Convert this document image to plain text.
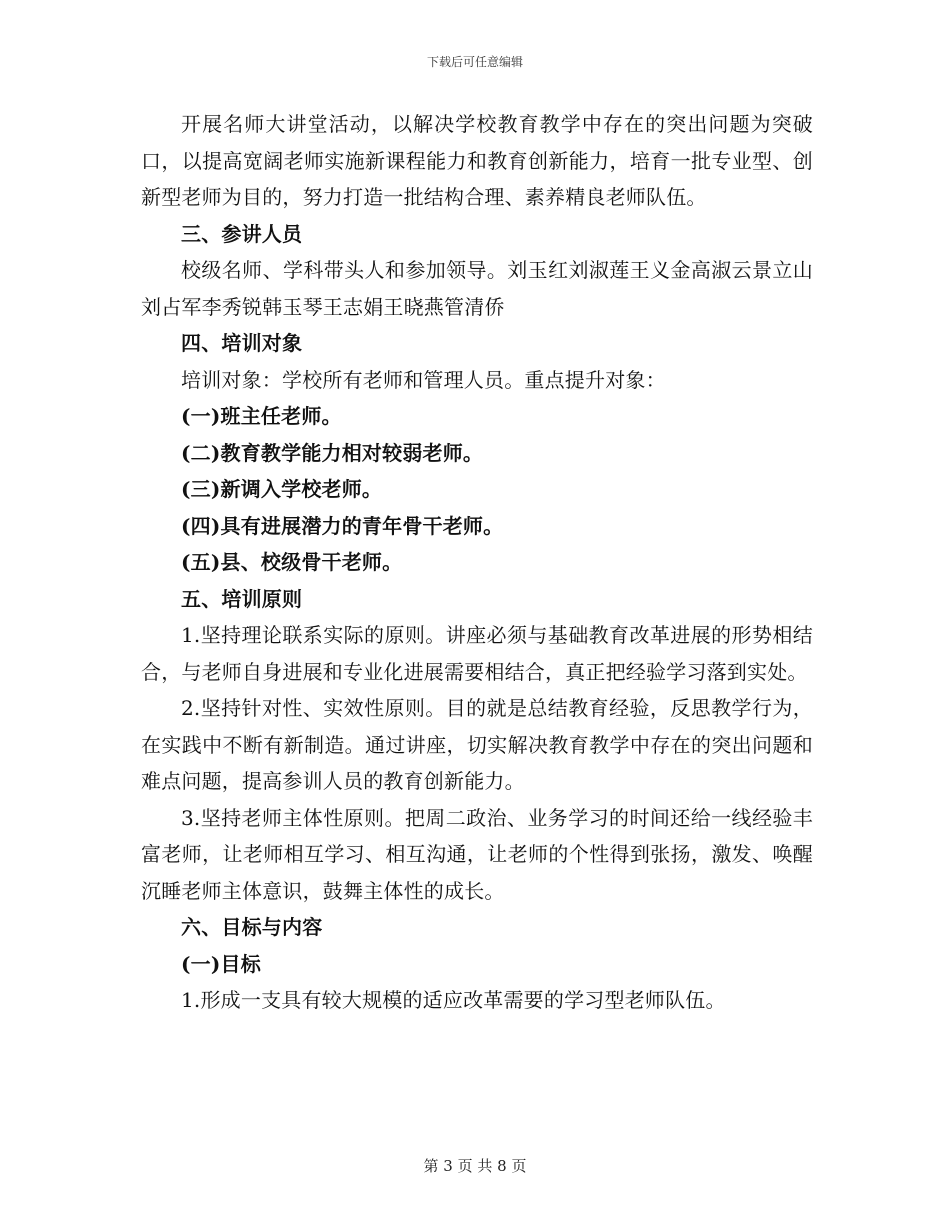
下载后可任意编辑

开展名师大讲堂活动，以解决学校教育教学中存在的突出问题为突破口，以提高宽阔老师实施新课程能力和教育创新能力，培育一批专业型、创新型老师为目的，努力打造一批结构合理、素养精良老师队伍。

三、参讲人员

校级名师、学科带头人和参加领导。刘玉红刘淑莲王义金高淑云景立山刘占军李秀锐韩玉琴王志娟王晓燕管清侨

四、培训对象

培训对象：学校所有老师和管理人员。重点提升对象：

(一)班主任老师。

(二)教育教学能力相对较弱老师。

(三)新调入学校老师。

(四)具有进展潜力的青年骨干老师。

(五)县、校级骨干老师。

五、培训原则

1.坚持理论联系实际的原则。讲座必须与基础教育改革进展的形势相结合，与老师自身进展和专业化进展需要相结合，真正把经验学习落到实处。

2.坚持针对性、实效性原则。目的就是总结教育经验，反思教学行为，在实践中不断有新制造。通过讲座，切实解决教育教学中存在的突出问题和难点问题，提高参训人员的教育创新能力。

3.坚持老师主体性原则。把周二政治、业务学习的时间还给一线经验丰富老师，让老师相互学习、相互沟通，让老师的个性得到张扬，激发、唤醒沉睡老师主体意识，鼓舞主体性的成长。

六、目标与内容

(一)目标

1.形成一支具有较大规模的适应改革需要的学习型老师队伍。

第 3 页 共 8 页
